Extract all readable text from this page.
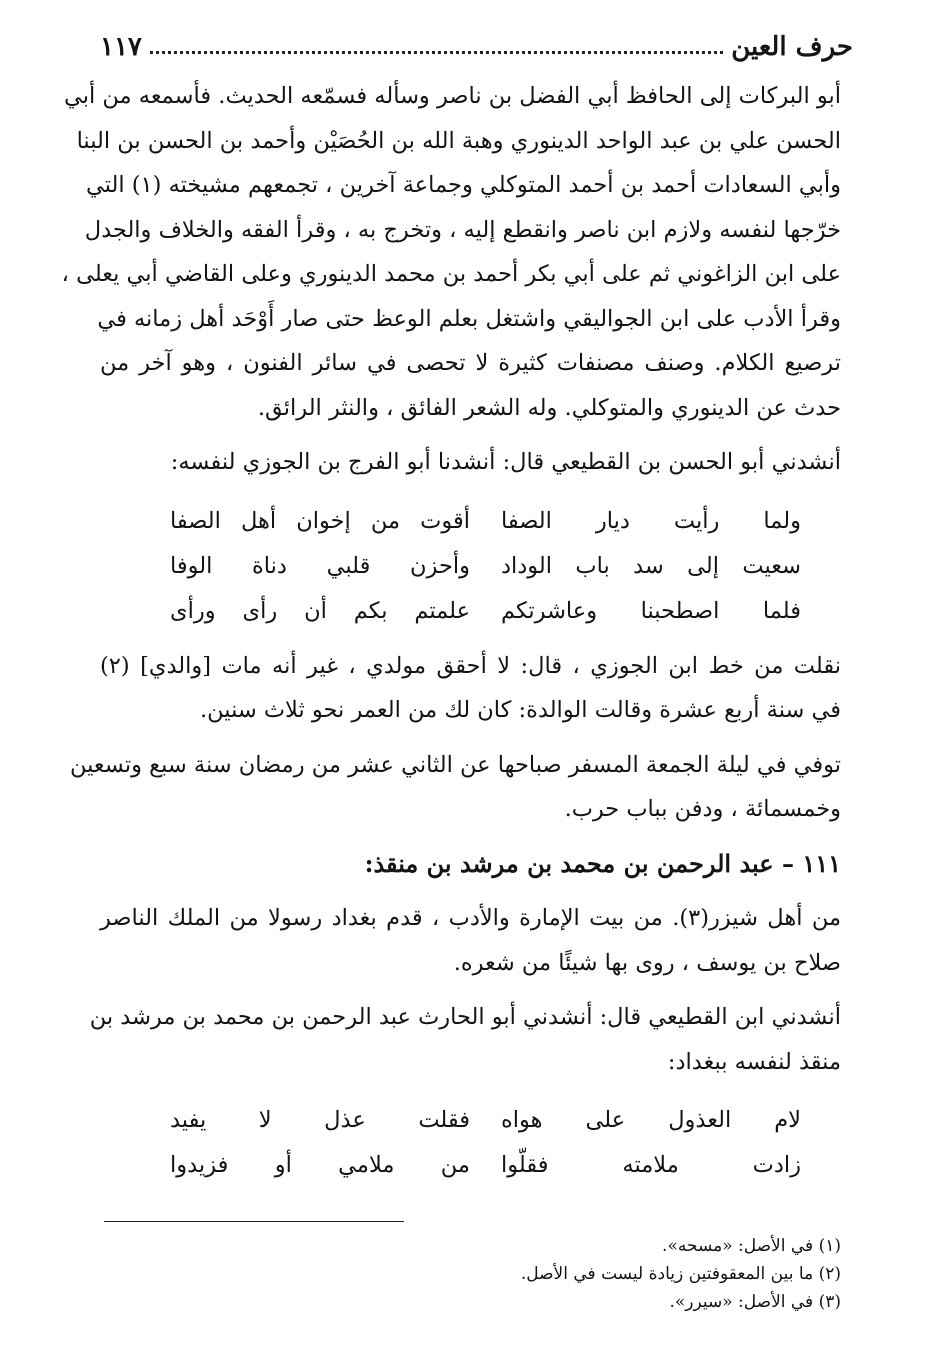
حرف العين
١١٧
أبو البركات إلى الحافظ أبي الفضل بن ناصر وسأله فسمّعه الحديث. فأسمعه من أبي
الحسن علي بن عبد الواحد الدينوري وهبة الله بن الحُصَيْن وأحمد بن الحسن بن البنا
وأبي السعادات أحمد بن أحمد المتوكلي وجماعة آخرين ، تجمعهم مشيخته (١) التي
خرّجها لنفسه ولازم ابن ناصر وانقطع إليه ، وتخرج به ، وقرأ الفقه والخلاف والجدل
على ابن الزاغوني ثم على أبي بكر أحمد بن محمد الدينوري وعلى القاضي أبي يعلى ،
وقرأ الأدب على ابن الجواليقي واشتغل بعلم الوعظ حتى صار أَوْحَد أهل زمانه في
ترصيع الكلام. وصنف مصنفات كثيرة لا تحصى في سائر الفنون ، وهو آخر من
حدث عن الدينوري والمتوكلي. وله الشعر الفائق ، والنثر الرائق.
أنشدني أبو الحسن بن القطيعي قال: أنشدنا أبو الفرج بن الجوزي لنفسه:
ولما رأيت ديار الصفا
أقوت من إخوان أهل الصفا
سعيت إلى سد باب الوداد
وأحزن قلبي دناة الوفا
فلما اصطحبنا وعاشرتكم
علمتم بكم أن رأى ورأى
نقلت من خط ابن الجوزي ، قال: لا أحقق مولدي ، غير أنه مات [والدي] (٢)
في سنة أربع عشرة وقالت الوالدة: كان لك من العمر نحو ثلاث سنين.
توفي في ليلة الجمعة المسفر صباحها عن الثاني عشر من رمضان سنة سبع وتسعين
وخمسمائة ، ودفن بباب حرب.
١١١ – عبد الرحمن بن محمد بن مرشد بن منقذ:
من أهل شيزر(٣). من بيت الإمارة والأدب ، قدم بغداد رسولا من الملك الناصر
صلاح بن يوسف ، روى بها شيئًا من شعره.
أنشدني ابن القطيعي قال: أنشدني أبو الحارث عبد الرحمن بن محمد بن مرشد بن
منقذ لنفسه ببغداد:
لام العذول على هواه
فقلت عذل لا يفيد
زادت ملامته فقلّوا
من ملامي أو فزيدوا
(١) في الأصل: «مسحه».
(٢) ما بين المعقوفتين زيادة ليست في الأصل.
(٣) في الأصل: «سيرر».
